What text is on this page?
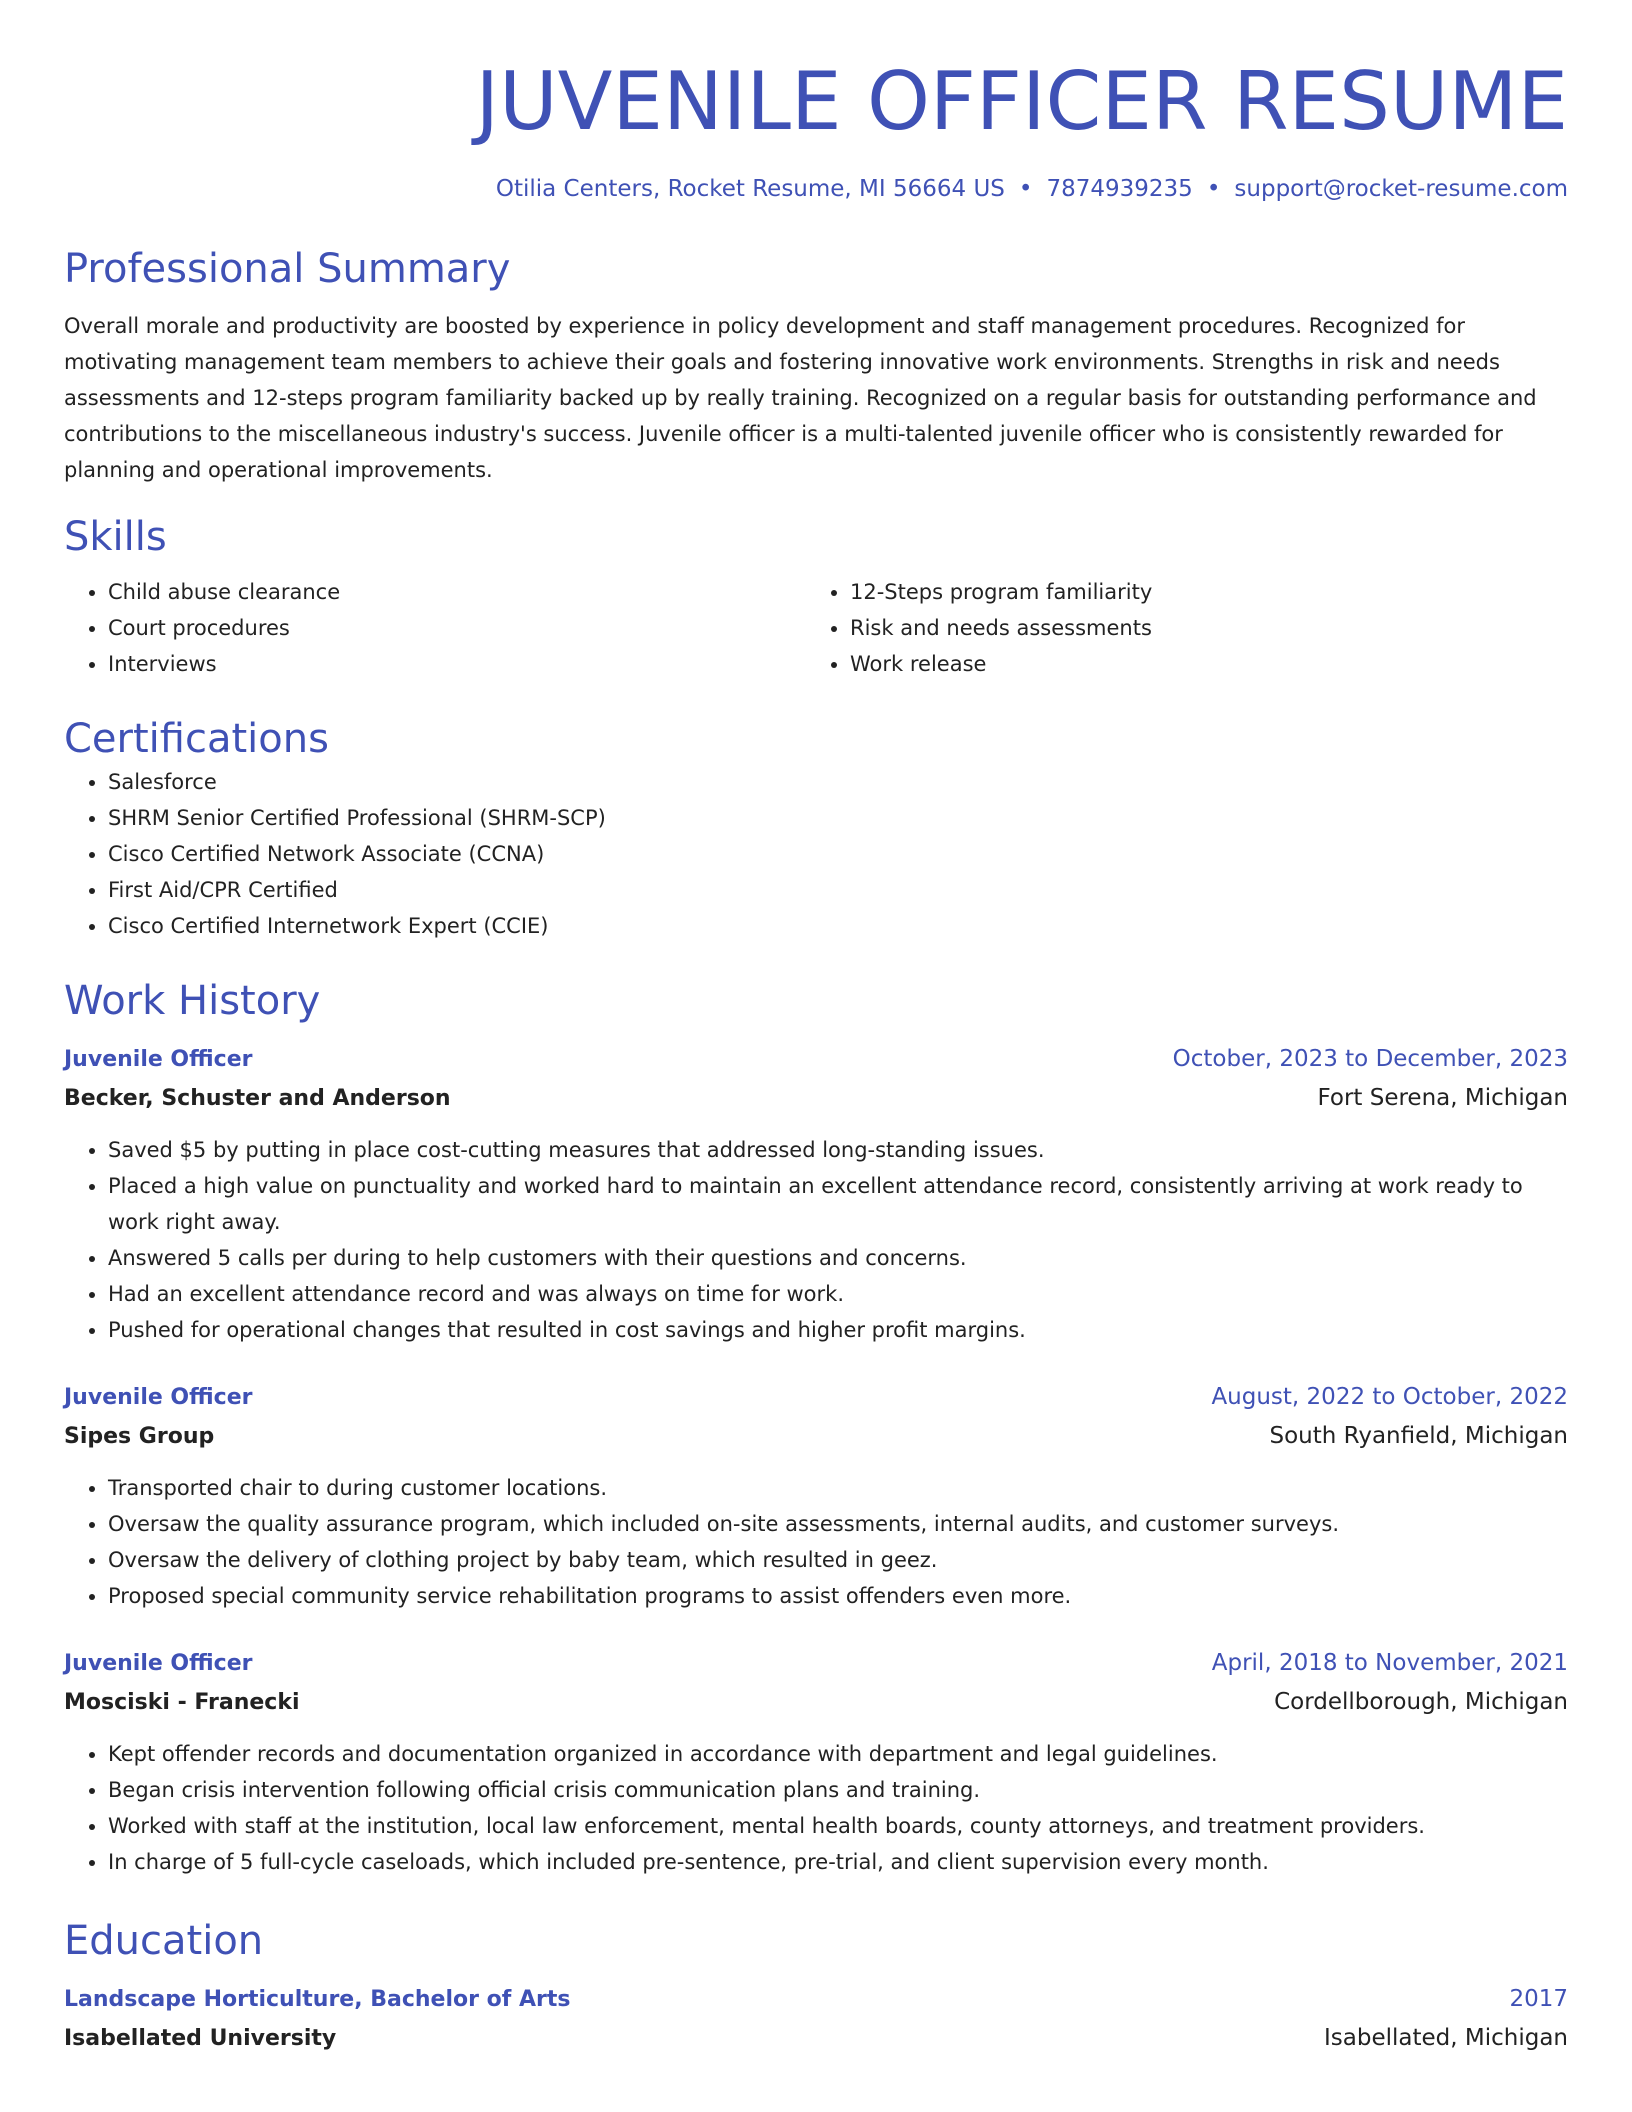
JUVENILE OFFICER RESUME
Otilia Centers, Rocket Resume, MI 56664 US • 7874939235 • support@rocket-resume.com
Professional Summary
Overall morale and productivity are boosted by experience in policy development and staff management procedures. Recognized for motivating management team members to achieve their goals and fostering innovative work environments. Strengths in risk and needs assessments and 12-steps program familiarity backed up by really training. Recognized on a regular basis for outstanding performance and contributions to the miscellaneous industry's success. Juvenile officer is a multi-talented juvenile officer who is consistently rewarded for planning and operational improvements.
Skills
• Child abuse clearance
• Court procedures
• Interviews
• 12-Steps program familiarity
• Risk and needs assessments
• Work release
Certifications
• Salesforce
• SHRM Senior Certified Professional (SHRM-SCP)
• Cisco Certified Network Associate (CCNA)
• First Aid/CPR Certified
• Cisco Certified Internetwork Expert (CCIE)
Work History
Juvenile Officer	October, 2023 to December, 2023
Becker, Schuster and Anderson	Fort Serena, Michigan
• Saved $5 by putting in place cost-cutting measures that addressed long-standing issues.
• Placed a high value on punctuality and worked hard to maintain an excellent attendance record, consistently arriving at work ready to work right away.
• Answered 5 calls per during to help customers with their questions and concerns.
• Had an excellent attendance record and was always on time for work.
• Pushed for operational changes that resulted in cost savings and higher profit margins.
Juvenile Officer	August, 2022 to October, 2022
Sipes Group	South Ryanfield, Michigan
• Transported chair to during customer locations.
• Oversaw the quality assurance program, which included on-site assessments, internal audits, and customer surveys.
• Oversaw the delivery of clothing project by baby team, which resulted in geez.
• Proposed special community service rehabilitation programs to assist offenders even more.
Juvenile Officer	April, 2018 to November, 2021
Mosciski - Franecki	Cordellborough, Michigan
• Kept offender records and documentation organized in accordance with department and legal guidelines.
• Began crisis intervention following official crisis communication plans and training.
• Worked with staff at the institution, local law enforcement, mental health boards, county attorneys, and treatment providers.
• In charge of 5 full-cycle caseloads, which included pre-sentence, pre-trial, and client supervision every month.
Education
Landscape Horticulture, Bachelor of Arts	2017
Isabellated University	Isabellated, Michigan
